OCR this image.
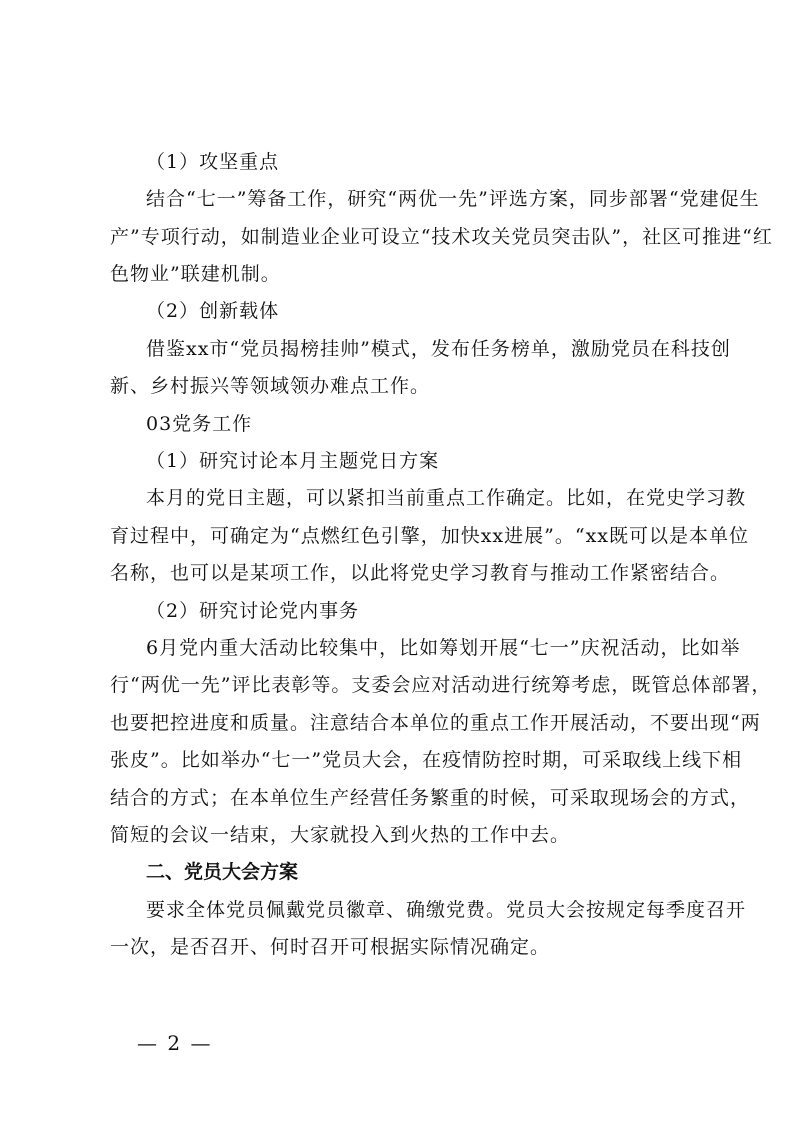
（1）攻坚重点
结合“七一”筹备工作，研究“两优一先”评选方案，同步部署“党建促生
产”专项行动，如制造业企业可设立“技术攻关党员突击队”，社区可推进“红
色物业”联建机制。
（2）创新载体
借鉴xx市“党员揭榜挂帅”模式，发布任务榜单，激励党员在科技创
新、乡村振兴等领域领办难点工作。
03党务工作
（1）研究讨论本月主题党日方案
本月的党日主题，可以紧扣当前重点工作确定。比如，在党史学习教
育过程中，可确定为“点燃红色引擎，加快xx进展”。“xx既可以是本单位
名称，也可以是某项工作，以此将党史学习教育与推动工作紧密结合。
（2）研究讨论党内事务
6月党内重大活动比较集中，比如筹划开展“七一”庆祝活动，比如举
行“两优一先”评比表彰等。支委会应对活动进行统筹考虑，既管总体部署，
也要把控进度和质量。注意结合本单位的重点工作开展活动，不要出现“两
张皮”。比如举办“七一”党员大会，在疫情防控时期，可采取线上线下相
结合的方式；在本单位生产经营任务繁重的时候，可采取现场会的方式，
简短的会议一结束，大家就投入到火热的工作中去。
二、党员大会方案
要求全体党员佩戴党员徽章、确缴党费。党员大会按规定每季度召开
一次，是否召开、何时召开可根据实际情况确定。
— 2 —
